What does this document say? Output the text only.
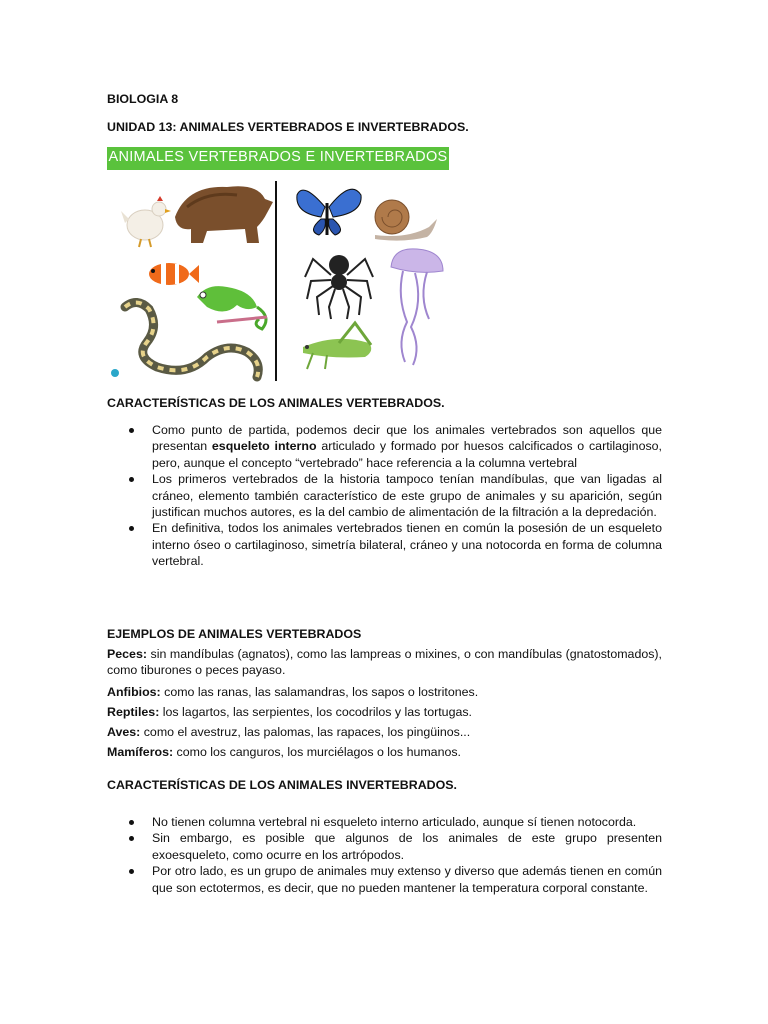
BIOLOGIA 8
UNIDAD 13: ANIMALES VERTEBRADOS E INVERTEBRADOS.
ANIMALES VERTEBRADOS E INVERTEBRADOS
CARACTERÍSTICAS DE LOS ANIMALES VERTEBRADOS.
Como punto de partida, podemos decir que los animales vertebrados son aquellos que presentan esqueleto interno articulado y formado por huesos calcificados o cartilaginoso, pero, aunque el concepto “vertebrado” hace referencia a la columna vertebral
Los primeros vertebrados de la historia tampoco tenían mandíbulas, que van ligadas al cráneo, elemento también característico de este grupo de animales y su aparición, según justifican muchos autores, es la del cambio de alimentación de la filtración a la depredación.
En definitiva, todos los animales vertebrados tienen en común la posesión de un esqueleto interno óseo o cartilaginoso, simetría bilateral, cráneo y una notocorda en forma de columna vertebral.
EJEMPLOS DE ANIMALES VERTEBRADOS
Peces: sin mandíbulas (agnatos), como las lampreas o mixines, o con mandíbulas (gnatostomados), como tiburones o peces payaso.
Anfibios: como las ranas, las salamandras, los sapos o lostritones.
Reptiles: los lagartos, las serpientes, los cocodrilos y las tortugas.
Aves: como el avestruz, las palomas, las rapaces, los pingüinos...
Mamíferos: como los canguros, los murciélagos o los humanos.
CARACTERÍSTICAS DE LOS ANIMALES INVERTEBRADOS.
No tienen columna vertebral ni esqueleto interno articulado, aunque sí tienen notocorda.
Sin embargo, es posible que algunos de los animales de este grupo presenten exoesqueleto, como ocurre en los artrópodos.
Por otro lado, es un grupo de animales muy extenso y diverso que además tienen en común que son ectotermos, es decir, que no pueden mantener la temperatura corporal constante.
